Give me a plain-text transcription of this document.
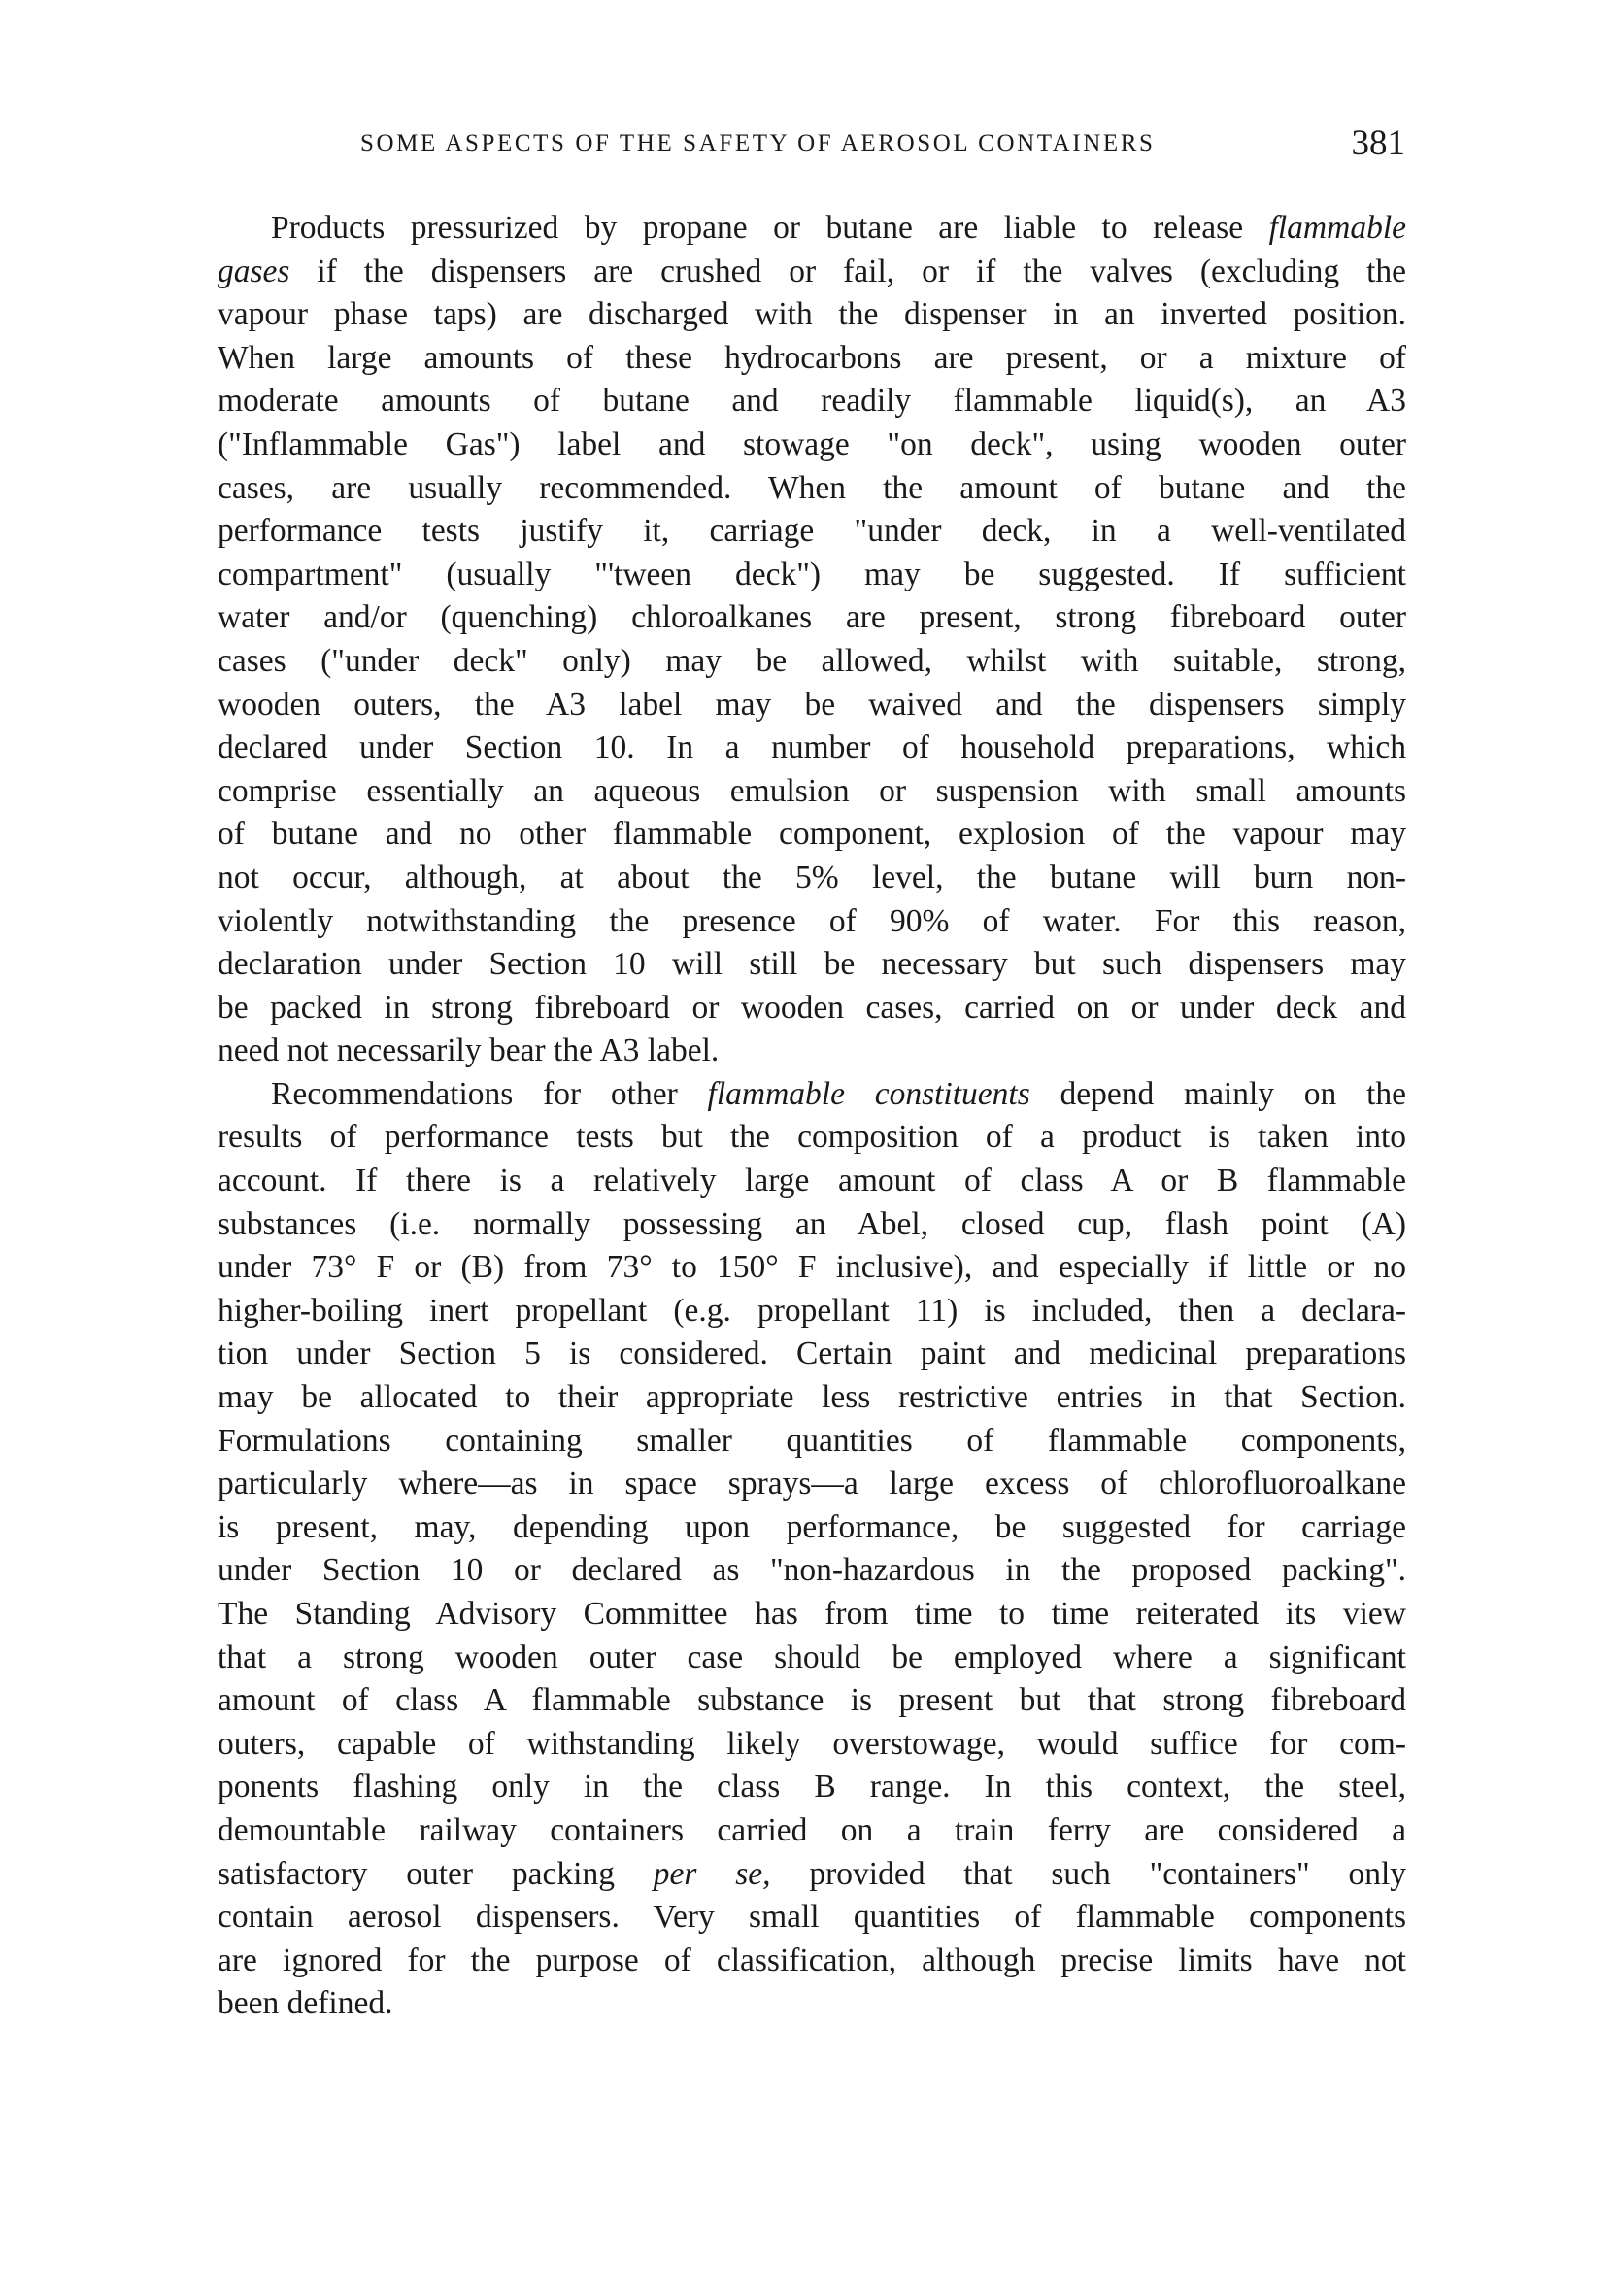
SOME ASPECTS OF THE SAFETY OF AEROSOL CONTAINERS	381
Products pressurized by propane or butane are liable to release flammable
gases if the dispensers are crushed or fail, or if the valves (excluding the
vapour phase taps) are discharged with the dispenser in an inverted position.
When large amounts of these hydrocarbons are present, or a mixture of
moderate amounts of butane and readily flammable liquid(s), an A3
("Inflammable Gas") label and stowage "on deck", using wooden outer
cases, are usually recommended. When the amount of butane and the
performance tests justify it, carriage "under deck, in a well-ventilated
compartment" (usually "'tween deck") may be suggested. If sufficient
water and/or (quenching) chloroalkanes are present, strong fibreboard outer
cases ("under deck" only) may be allowed, whilst with suitable, strong,
wooden outers, the A3 label may be waived and the dispensers simply
declared under Section 10. In a number of household preparations, which
comprise essentially an aqueous emulsion or suspension with small amounts
of butane and no other flammable component, explosion of the vapour may
not occur, although, at about the 5% level, the butane will burn non-
violently notwithstanding the presence of 90% of water. For this reason,
declaration under Section 10 will still be necessary but such dispensers may
be packed in strong fibreboard or wooden cases, carried on or under deck and
need not necessarily bear the A3 label.
Recommendations for other flammable constituents depend mainly on the
results of performance tests but the composition of a product is taken into
account. If there is a relatively large amount of class A or B flammable
substances (i.e. normally possessing an Abel, closed cup, flash point (A)
under 73° F or (B) from 73° to 150° F inclusive), and especially if little or no
higher-boiling inert propellant (e.g. propellant 11) is included, then a declara-
tion under Section 5 is considered. Certain paint and medicinal preparations
may be allocated to their appropriate less restrictive entries in that Section.
Formulations containing smaller quantities of flammable components,
particularly where—as in space sprays—a large excess of chlorofluoroalkane
is present, may, depending upon performance, be suggested for carriage
under Section 10 or declared as "non-hazardous in the proposed packing".
The Standing Advisory Committee has from time to time reiterated its view
that a strong wooden outer case should be employed where a significant
amount of class A flammable substance is present but that strong fibreboard
outers, capable of withstanding likely overstowage, would suffice for com-
ponents flashing only in the class B range. In this context, the steel,
demountable railway containers carried on a train ferry are considered a
satisfactory outer packing per se, provided that such "containers" only
contain aerosol dispensers. Very small quantities of flammable components
are ignored for the purpose of classification, although precise limits have not
been defined.
